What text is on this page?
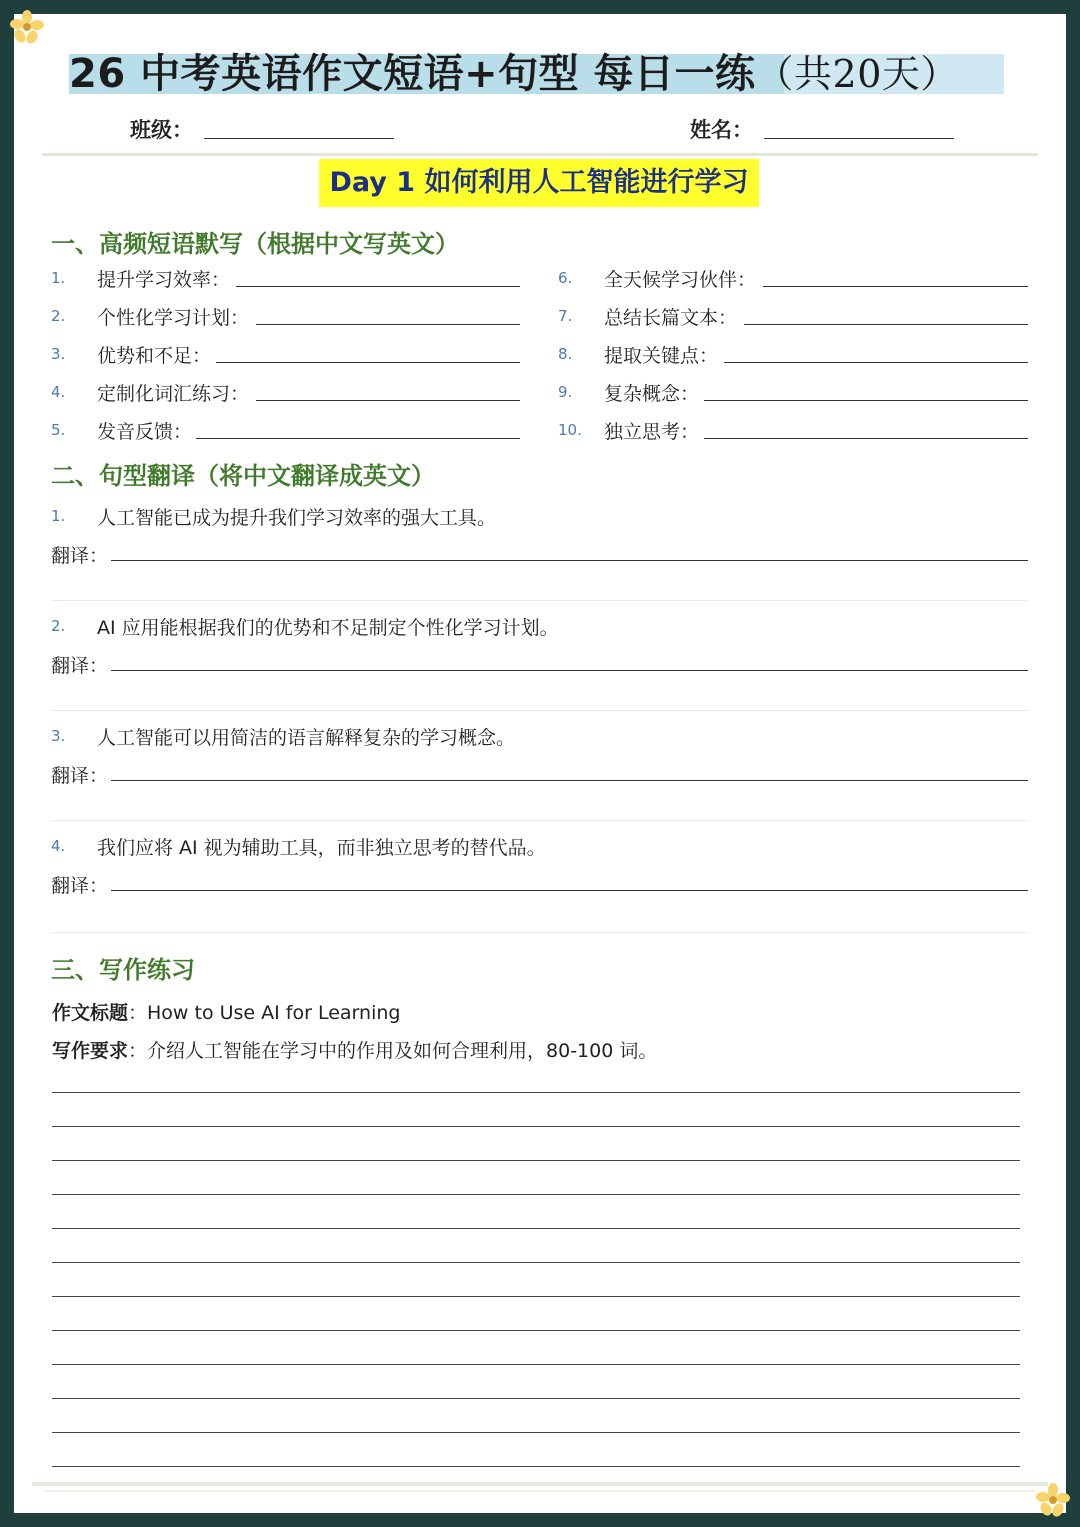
26 中考英语作文短语+句型 每日一练（共20天）
班级：	姓名：
Day 1 如何利用人工智能进行学习
一、高频短语默写（根据中文写英文）
1. 提升学习效率：
2. 个性化学习计划：
3. 优势和不足：
4. 定制化词汇练习：
5. 发音反馈：
6. 全天候学习伙伴：
7. 总结长篇文本：
8. 提取关键点：
9. 复杂概念：
10. 独立思考：
二、句型翻译（将中文翻译成英文）
1. 人工智能已成为提升我们学习效率的强大工具。
翻译：
2. AI 应用能根据我们的优势和不足制定个性化学习计划。
翻译：
3. 人工智能可以用简洁的语言解释复杂的学习概念。
翻译：
4. 我们应将 AI 视为辅助工具，而非独立思考的替代品。
翻译：
三、写作练习
作文标题：How to Use AI for Learning
写作要求：介绍人工智能在学习中的作用及如何合理利用，80-100 词。
